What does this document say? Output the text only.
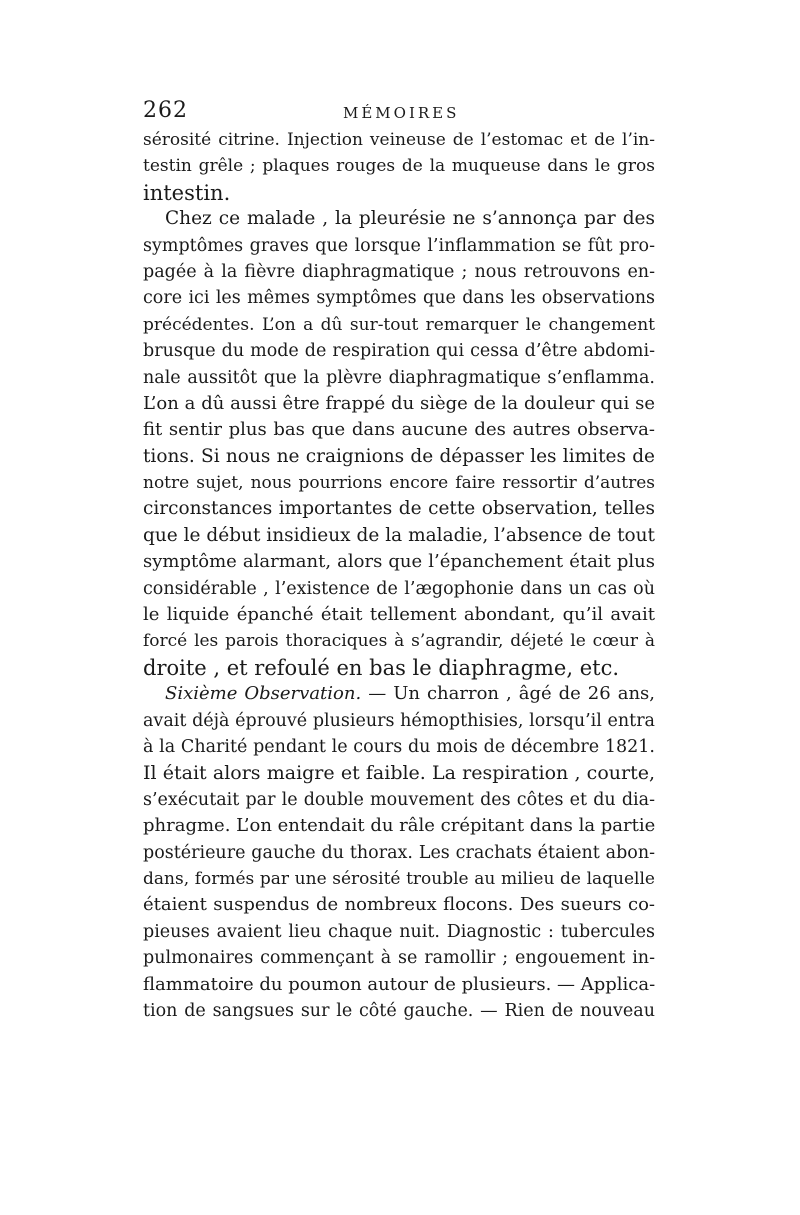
262	MÉMOIRES
sérosité citrine. Injection veineuse de l’estomac et de l’in-
testin grêle ; plaques rouges de la muqueuse dans le gros
intestin.
Chez ce malade , la pleurésie ne s’annonça par des
symptômes graves que lorsque l’inflammation se fût pro-
pagée à la fièvre diaphragmatique ; nous retrouvons en-
core ici les mêmes symptômes que dans les observations
précédentes. L’on a dû sur-tout remarquer le changement
brusque du mode de respiration qui cessa d’être abdomi-
nale aussitôt que la plèvre diaphragmatique s’enflamma.
L’on a dû aussi être frappé du siège de la douleur qui se
fit sentir plus bas que dans aucune des autres observa-
tions. Si nous ne craignions de dépasser les limites de
notre sujet, nous pourrions encore faire ressortir d’autres
circonstances importantes de cette observation, telles
que le début insidieux de la maladie, l’absence de tout
symptôme alarmant, alors que l’épanchement était plus
considérable , l’existence de l’ægophonie dans un cas où
le liquide épanché était tellement abondant, qu’il avait
forcé les parois thoraciques à s’agrandir, déjeté le cœur à
droite , et refoulé en bas le diaphragme, etc.
Sixième Observation. — Un charron , âgé de 26 ans,
avait déjà éprouvé plusieurs hémopthisies, lorsqu’il entra
à la Charité pendant le cours du mois de décembre 1821.
Il était alors maigre et faible. La respiration , courte,
s’exécutait par le double mouvement des côtes et du dia-
phragme. L’on entendait du râle crépitant dans la partie
postérieure gauche du thorax. Les crachats étaient abon-
dans, formés par une sérosité trouble au milieu de laquelle
étaient suspendus de nombreux flocons. Des sueurs co-
pieuses avaient lieu chaque nuit. Diagnostic : tubercules
pulmonaires commençant à se ramollir ; engouement in-
flammatoire du poumon autour de plusieurs. — Applica-
tion de sangsues sur le côté gauche. — Rien de nouveau
